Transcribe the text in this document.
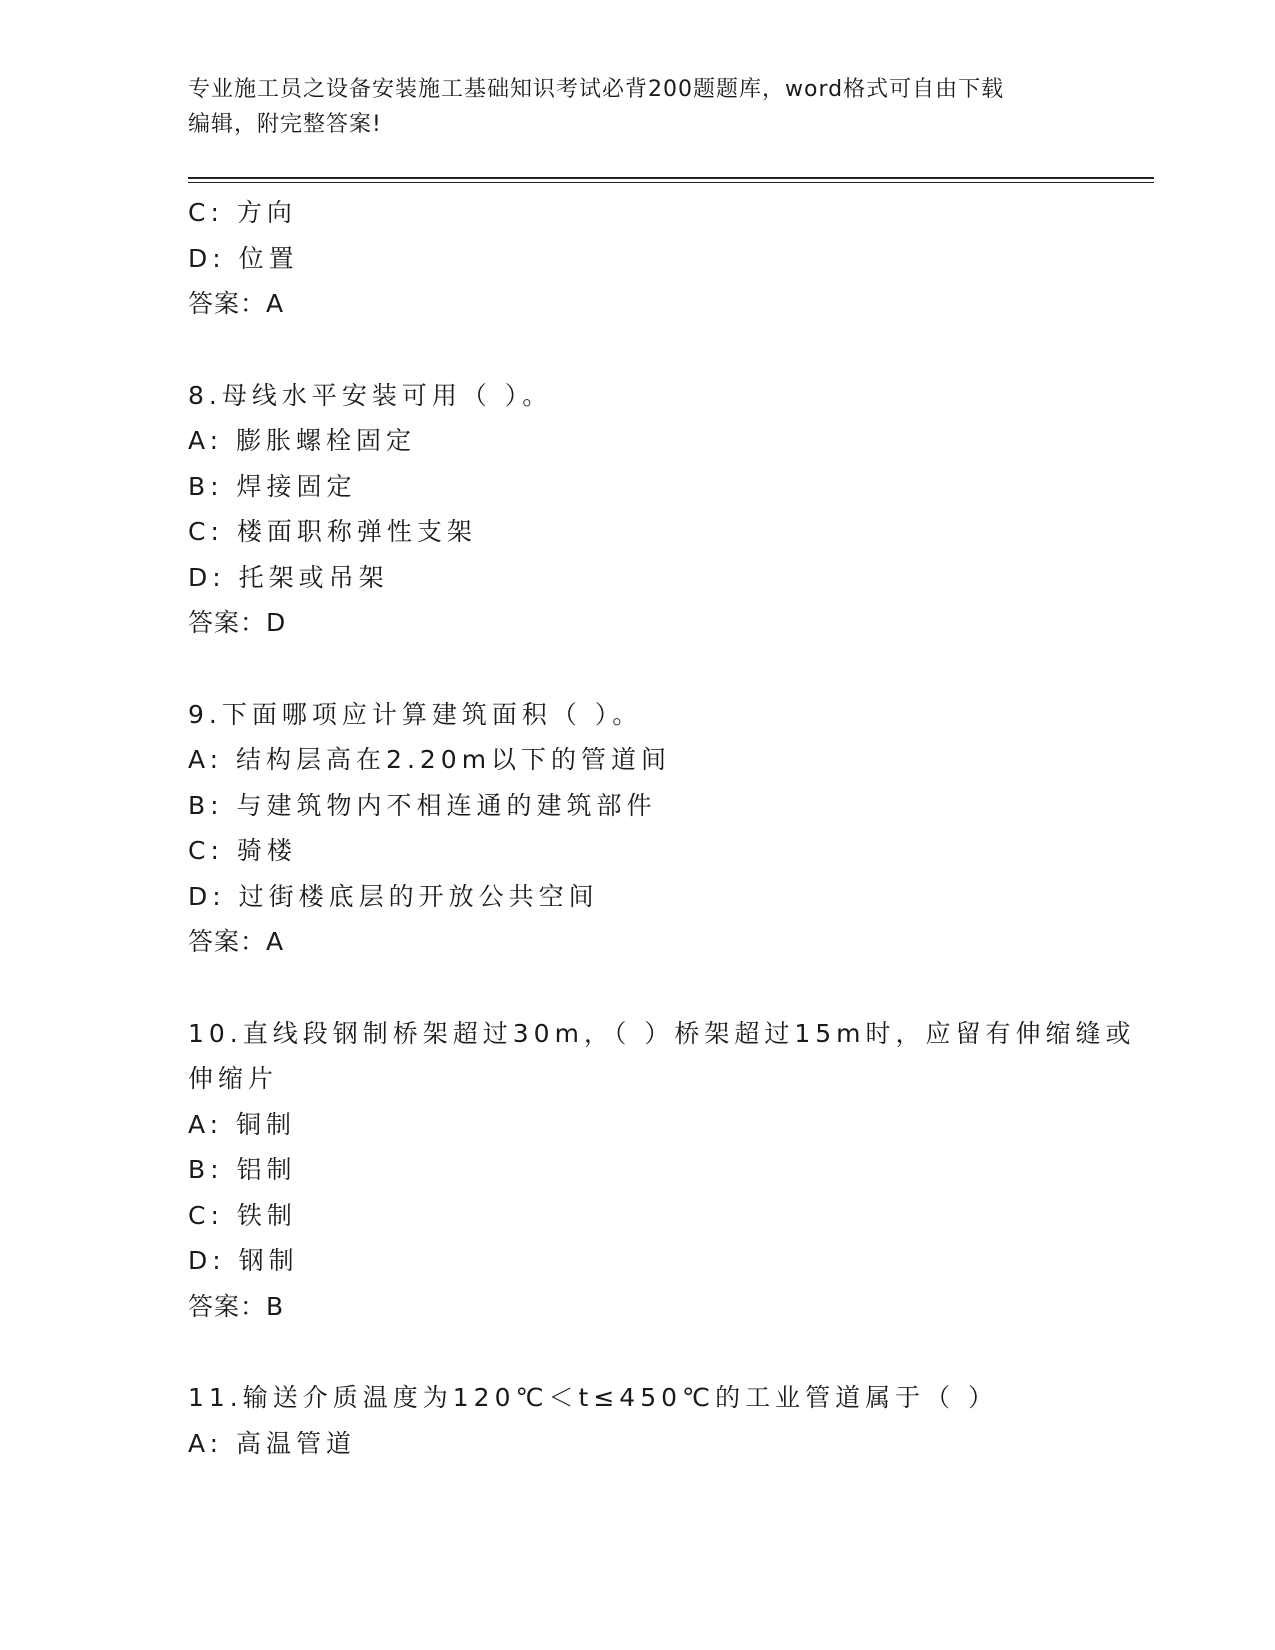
专业施工员之设备安装施工基础知识考试必背200题题库，word格式可自由下载
编辑，附完整答案!
C: 方向
D: 位置
答案：A
8.母线水平安装可用（ ）。
A: 膨胀螺栓固定
B: 焊接固定
C: 楼面职称弹性支架
D: 托架或吊架
答案：D
9.下面哪项应计算建筑面积（ ）。
A: 结构层高在2.20m以下的管道间
B: 与建筑物内不相连通的建筑部件
C: 骑楼
D: 过街楼底层的开放公共空间
答案：A
10.直线段钢制桥架超过30m，（ ）桥架超过15m时，应留有伸缩缝或
伸缩片
A: 铜制
B: 铝制
C: 铁制
D: 钢制
答案：B
11.输送介质温度为120℃＜t≤450℃的工业管道属于（ ）
A: 高温管道
